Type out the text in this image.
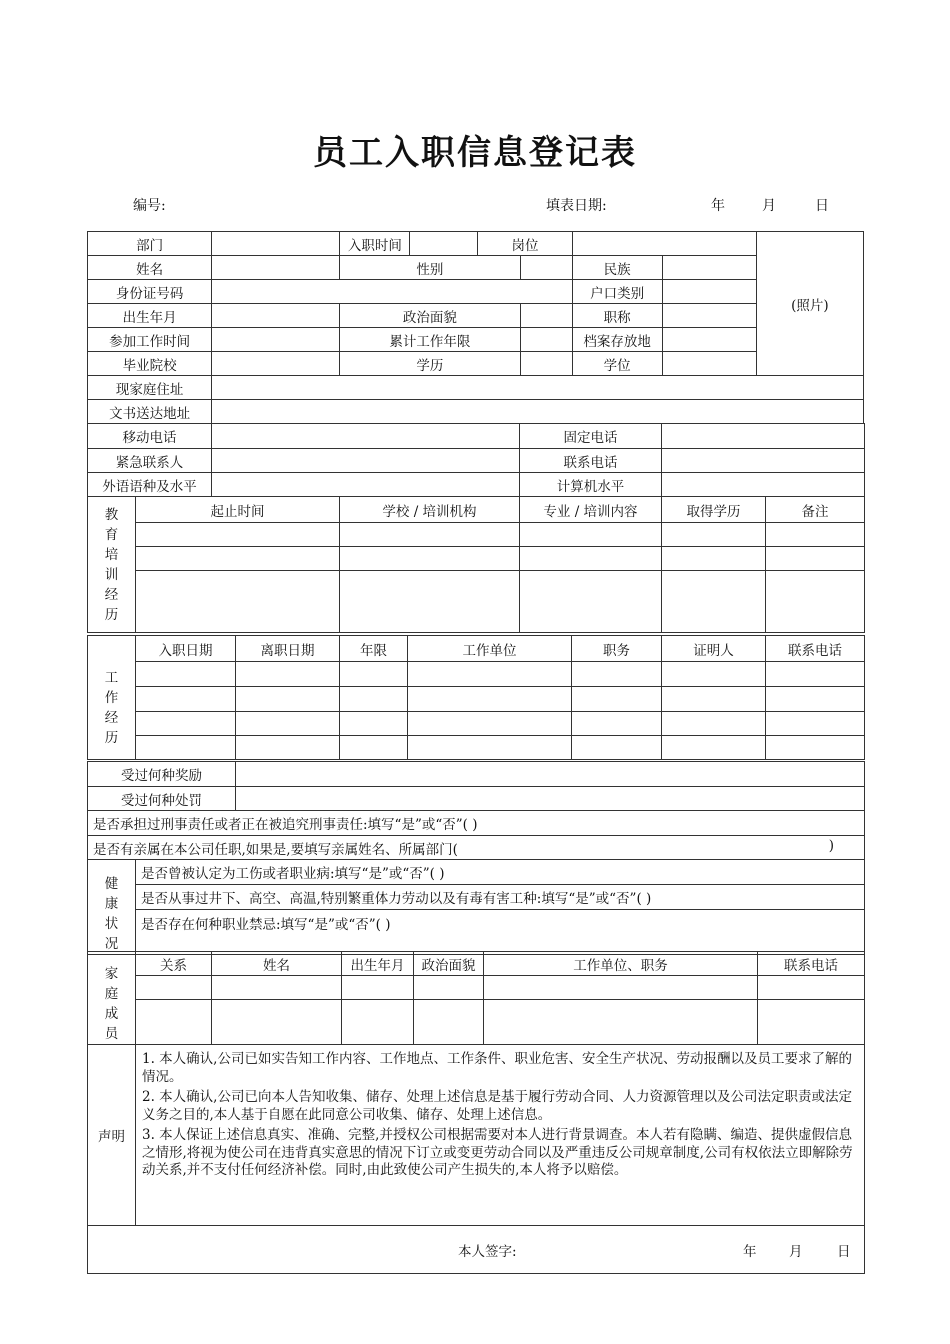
员工入职信息登记表
编号:	填表日期:	年	月	日
部门		入职时间		岗位				(照片)
姓名		性别				民族		
身份证号码						户口类别		
出生年月		政治面貌				职称		
参加工作时间		累计工作年限				档案存放地		
毕业院校		学历				学位		
现家庭住址								
文书送达地址								
移动电话		固定电话	
紧急联系人		联系电话	
外语语种及水平		计算机水平	
教育培训经历	起止时间	学校 / 培训机构	专业 / 培训内容	取得学历	备注

工作经历	入职日期	离职日期	年限	工作单位	职务	证明人	联系电话

受过何种奖励	
受过何种处罚	
是否承担过刑事责任或者正在被追究刑事责任:填写“是”或“否”( )	
是否有亲属在本公司任职,如果是,要填写亲属姓名、所属部门( )	
健康状况	是否曾被认定为工伤或者职业病:填写“是”或“否”( )
是否从事过井下、高空、高温,特别繁重体力劳动以及有毒有害工种:填写“是”或“否”( )
是否存在何种职业禁忌:填写“是”或“否”( )
家庭成员	关系	姓名	出生年月	政治面貌	工作单位、职务	联系电话

声明	

1. 本人确认,公司已如实告知工作内容、工作地点、工作条件、职业危害、安全生产状况、劳动报酬以及员工要求了解的情况。

2. 本人确认,公司已向本人告知收集、储存、处理上述信息是基于履行劳动合同、人力资源管理以及公司法定职责或法定义务之目的,本人基于自愿在此同意公司收集、储存、处理上述信息。

3. 本人保证上述信息真实、准确、完整,并授权公司根据需要对本人进行背景调查。本人若有隐瞒、编造、提供虚假信息之情形,将视为使公司在违背真实意思的情况下订立或变更劳动合同以及严重违反公司规章制度,公司有权依法立即解除劳动关系,并不支付任何经济补偿。同时,由此致使公司产生损失的,本人将予以赔偿。

本人签字:	年 月	日
